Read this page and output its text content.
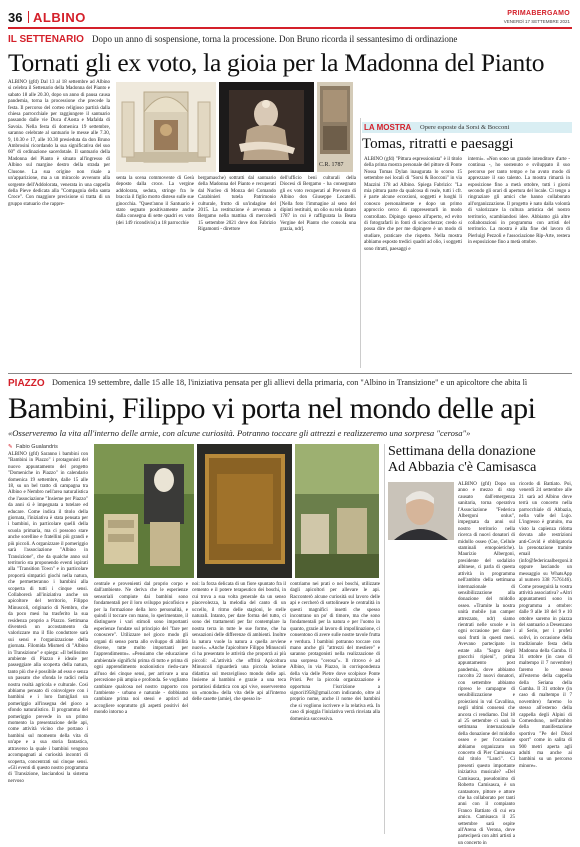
36 ALBINO	PRIMABERGAMO
VENERDÌ 17 SETTEMBRE 2021
IL SETTENARIO Dopo un anno di sospensione, torna la processione. Don Bruno ricorda il sessantesimo di ordinazione
Tornati gli ex voto, la gioia per la Madonna del Pianto

ALBINO (gfd) Dal 13 al 18 settembre ad Albino si celebra il Settenario della Madonna del Pianto e sabato 18 alle 20.30, dopo un anno di pausa causa pandemia, torna la processione che precede la festa. Il percorso del corteo religioso partirà dalla chiesa parrocchiale per raggiungere il santuario passando dalle vie Duca d'Aosta e Mafalda di Savoia. Nella festa di domenica 19 settembre, saranno celebrate al santuario le messe alle 7.30, 9, 10.30 e 17, alle 10.30 presieduta da don Bruno Ambrosini ricordando la sua significativa del suo 60° di ordinazione sacerdotale. Il santuario della Madonna del Pianto è situato all'ingresso di Albino sul margine destro della strada per Clusone. La sua origine non risale a un'apparizione, ma a un miracolo avvenuto alla sorgente dell'Addolorata, venerata in una cappella della Pieve dedicata alla "Compagnia della santa Croce". Con maggiore precisione si tratta di un gruppo statuario che rappre-

C.R. 1787

senta la scena commovente di Gesù deposto dalla croce. La vergine addolorata, seduta, stringe fra le braccia il figlio morto disteso sulle sue ginocchia. "Quest'anno il Santuario è stato segnato positivamente anche dalla consegna di sette quadri ex voto (dei 149 ricondivisi) a 18 parrocchie

bergamasche) sottratti dal santuario della Madonna del Pianto e recuperati dal Nucleo di Monza del Comando Carabinieri tutela Patrimonio culturale, frutto di un'indagine del 2015. La restituzione è avvenuta a Bergamo nella mattina di mercoledì 15 settembre 2021 dove don Fabrizio Rigamonti - direttore

dell'ufficio beni culturali della Diocesi di Bergamo - ha consegnato gli ex voto recuperati al Prevosto di Albino don Giuseppe Locatelli. [Nella foto l'immagine al seno del dipinti restituiti, un olio su tela datato 1787 in cui è raffigurata la Beata Vergine del Pianto che consola una grazia, ndr].

LA MOSTRA Opere esposte da Sorsi & Bocconi
Tomas, ritratti e paesaggi

ALBINO (gfd) "Pittura espressionista" è il titolo della prima mostra personale del pittore di Ponte Nossa Tomas Dylan inaugurata lo scorso 15 settembre nei locali di "Sorsi & Bocconi" in via Mazzini 178 ad Albino. Spiega Fabrizio: "La mia pittura parte da qualcosa di reale, tutti i cfr. è parte alcune eccezioni, soggetti e luoghi li conosco personalmente e dopo un primo approccio cerco di rappresentarli in modo controllato. Dipingo spesso all'aperto, ed evito di fotografarli in fonti di sciocchezze; credo si possa dire che per me dipingere è un modo di studiare, praticare che rispetto. Nella mostra abbiamo esposto tredici quadri ad olio, i soggetti sono ritratti, paesaggi e

interni». «Non sono un grande intenditore d'arte - continua -, ho sostenuto e sviluppato il suo percorso per tanto tempo e ho avuto modo di apprezzare il suo talento. La mostra rimarrà in esposizione fino a metà ottobre, tutti i giorni secondo gli orari di apertura del locale. Ci tengo a ringraziare gli amici che hanno collaborato all'organizzazione. Il progetto è nato dalla volontà di valorizzare la cultura artistica del nostro territorio, scambiandosi idee. Abbiamo già altre collaborazioni in programma con artisti del territorio. La mostra è alla fine del lavoro di Pierluigi Pezzoli e l'associazione Rip-Arte, restera in esposizione fino a metà ottobre.

PIAZZO Domenica 19 settembre, dalle 15 alle 18, l'iniziativa pensata per gli allievi della primaria, con "Albino in Transizione" e un apicoltore che abita lì
Bambini, Filippo vi porta nel mondo delle api
«Osserveremo la vita all'interno delle arnie, con alcune curiosità. Potranno toccare gli attrezzi e realizzeremo una sorpresa "cerosa"»
✎ Fabio Gualandris

ALBINO (gfd) Saranno i bambini con "Bambini in Piazzo" i protagonisti del nuovo appuntamento del progetto "Domeniche in Piazzo" in calendario domenica 19 settembre, dalle 15 alle 18, su un bel tratto di campagna tra Albino e Nembro nell'area naturalistica che l'associazione "Insieme per Piazzo" da anni sì è impegnata a tutelare ed educare. Come indica il titolo della giornata, l'iniziativa è stata pensata per i bambini, in particolare quelli della scuola primaria, ma ci possono stare anche sorelline e fratellini più grandi e più piccoli. A organizzare il pomeriggio sarà l'associazione "Albino in Transizione", che da qualche anno sul territorio sta proponendo eventi ispirati alla "Transition Town" e in particolare proporrà simpatici giochi nella natura, che permetteranno i bambini alla scoperta di tutti i cinque sensi. Collaborerà all'iniziativa anche un apicoltore del territorio, Filippo Minuscoli, originario di Nembro, che da poco mesi ha trasferito la sua residenza proprio a Piazzo. Settimana diventerà un accostamento da valorizzare ma il filo conduttore sarà sui sensi e l'organizzazione della giornata. Filomida Mismeti di "Albino in Transizione" e spiega: «Il bellissimo ambiente di Piazzo è ideale per passeggiare alla scoperta della natura, tanto più che è possibile ad esso e senza un passato che sfonda le radici nella nostra realtà agricola e culturale. Così abbiamo pensato di coinvolgere con i bambini e i loro famigliari un pomeriggio all'insegna del gioco a sfondo naturalistico. Il programma del pomeriggio prevede in un primo momento la presentazione delle api, come attività vicino che portano i bambini sul momento della vita di un'ape e a sua storia fantastica, attraverso la quale i bambini vengono accompagnati ai curiosità incontri di scoperta, concentrati sui cinque sensi. «Gli eventi di questo nostro programma di Transizione, lasciandosi la sistema nervoso

centrale e provenienti dal proprio corpo e dall'ambiente. Ne deriva che le esperienze sensoriali compiute dai bambini sono fondamentali per il loro sviluppo psicofisico e per la formazione della loro personalità, e quindi il toccare con mano, lo sperimentare, il distinguere i vari stimoli sono importanti esperienze fondate sul principio del "fare per conoscere". Utilizzare nel gioco modo gli organi di senso porta allo sviluppo di abilità diverse, tutte molto importanti per l'apprendimento». «Pensiamo che educazione ambientale significhi prima di tutto e prima di ogni apprendimento nozionistico riedu-care all'uso dei cinque sensi, per arrivare a una percezione più ampia e profonda. Se vogliamo cambiare qualcosa nel nostro rapporto con l'ambiente - urbano e naturale - dobbiamo cambiare prima noi stessi e aprirci ad accogliere sopratutto gli aspetti positivi del mondo intorno a

noi: la forza delicata di un fiore spuntato fra il cemento e il potere terapeutico dei boschi, in cui trova a sua volta generale da un senso piacevolezza, la melodia del canto di un uccello, il ritmo delle stagioni, le stelle naturali. Intanto, per dare forma del tutto, ci sono dei trattamenti per far contemplare la nostra terra in tutte le sue forme, che ha sensazioni delle differenze di ambienti. Inoltre la natura vuole la natura a quella avviene nuovi». «Anche l'apicoltore Filippo Minuscoli ci ha presentato le attività che proporrà ai più piccoli: «L'attività che offrirà Apicoltura Minuscoli riguarderà una piccola lezione didattica sul meraviglioso mondo delle api. Insieme ai bambini e grazie a una teca portatiosi didattica con api vive, osserveremo un «mondo» della vita delle api all'interno delle casette (arnie), che spesso in-

contriamo nei prati o nei boschi, utilizzate dagli apicoltori per allevare le api. Racconterò alcune curiosità sul lavoro delle api e cercherò di sottolineare le centralità in questi magnifici insetti che spesso incontrano un po' di timore, ma che sono fondamentali per la natura e per l'uomo in quanto, grazie al lavoro di impollinazione, ci consentono di avere sulle nostre tavole frutta e verdura. I bambini potranno toccare con mano anche gli "attrezzi del mestiere" e saranno protagonisti nella realizzazione di una sorpresa "cerosa"». Il ritrovo è ad Albino, in via Piazzo, in corrispondenza della via delle Pietre dove scolpisce Ponte Prioti. Per la piccola organizzazione è opportuna l'iscrizione a signori1958@gmail.com indicando, oltre al proprio nome, anche il nome dei bambini che si vogliono iscrivere e la relativa età. In caso di pioggia l'iniziativa verrà rinviata alla domenica successiva.

Settimana della donazione
Ad Abbazia c'è Camisasca

ALBINO (gfd) Dopo un anno e mezzo di stop causato dall'emergenza sanitaria, torna operativa l'Associazione "Federica Albergoni onlus", impegnata da anni sul nostro territorio nella ricerca di nuovi donatori di midollo osseo (Cse, Cellule staminali emopoietiche). Maurizio Albergoni, presidente del sodalizio albinese, ci parla di questa attività in programma nell'ambito della settimana internazionale di sensibilizzazione alla donazione del midollo osseo. «Tramite la nostra unità mobile (un camper attrezzato, ndr) siamo rientrati nelle scuole e in ogni occasione per dare i suoi frutti in questi mesi. Avevano partecipato in estate alla "Sagra degli gnocchi ripieni", prima appuntamento post pandemia, dove abbiamo raccolto 22 nuovi donatori, con settembre abbiamo ripreso le campagne di sensibilizzazione e proiezioni in val Cavallina, negli ultimi consensi che ancora ci rendiamo. Dal 18 al 25 settembre ci sarà la settimana internazionale della donazione del midollo osseo e per l'occasione abbiamo organizzato un concerto di Pier Camisasca dal titolo "Lanci". Ci presenti questo importante iniziativa musicale? «Del Camisasca, pseudonimo di Roberto Camisasca, è un cantautore, pittore e attore che ha collaborato per tanti anni con il compianto Franco Battiato di cui era amico. Camisasca il 25 settembre sarà ospite all'Arena di Verona, dove parteciperà con altri artisti a un concerto in

ricordo di Battiato. Poi, venerdì 24 settembre alle 21 sarà ad Albino dove terrà un concerto nella parrocchiale di Abbazia, nella valle del Lujo. L'ingresso è gratuito, ma visto la capienza ridotta dovuta alle restrizioni anti-Covid è obbligatoria la prenotazione tramite email (info@federicaalbergoni.it oppure lasciando un messaggio su WhatsApp al numero 338 7576146). Come proseguirà la vostra attività associativa? «Altri appuntamenti sono in programma a ottobre: dalle 9 alle 18 del 9 e 10 ottobre saremo in piazza del santuario a Desenzano al Serio, per i profeti solivi, in occasione della tradizionale festa della Madonna della Gamba. Il 31 ottobre (in caso di maltempo il 7 novembre) faremo lo stesso all'esterno della cappella della Seriana della Gamba. Il 31 ottobre (in caso di maltempo il 7 novembre) faremo lo stesso all'esterno della cappella degli Alpini di Comenduno, nell'ambito della manifestazione sportiva "Pe del Disol sport" come in salita di 900 metri aperta agli adulti ma anche ai bambini su un percorso minore».
